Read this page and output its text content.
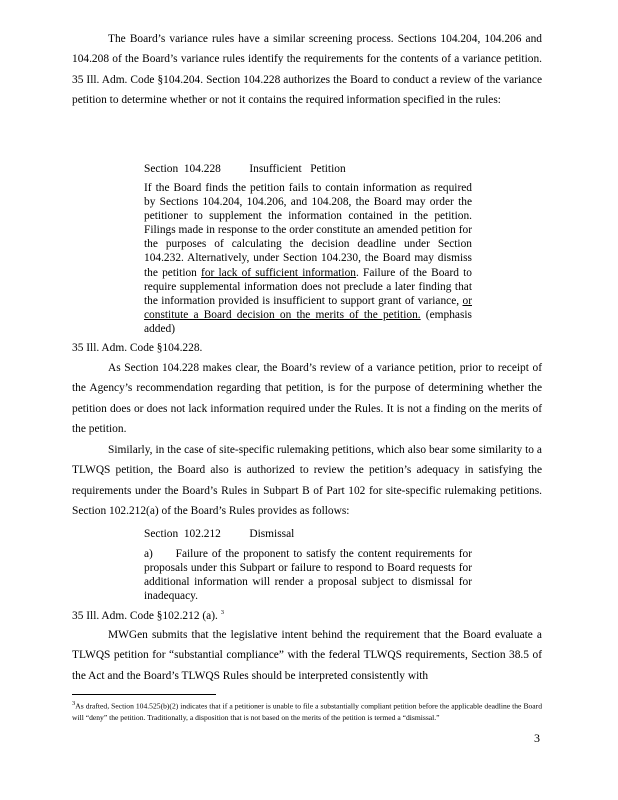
The Board’s variance rules have a similar screening process. Sections 104.204, 104.206 and 104.208 of the Board’s variance rules identify the requirements for the contents of a variance petition. 35 Ill. Adm. Code §104.204. Section 104.228 authorizes the Board to conduct a review of the variance petition to determine whether or not it contains the required information specified in the rules:

Section  104.228          Insufficient   Petition

If the Board finds the petition fails to contain information as required by Sections 104.204, 104.206, and 104.208, the Board may order the petitioner to supplement the information contained in the petition. Filings made in response to the order constitute an amended petition for the purposes of calculating the decision deadline under Section 104.232. Alternatively, under Section 104.230, the Board may dismiss the petition for lack of sufficient information. Failure of the Board to require supplemental information does not preclude a later finding that the information provided is insufficient to support grant of variance, or constitute a Board decision on the merits of the petition. (emphasis added)

35 Ill. Adm. Code §104.228.

As Section 104.228 makes clear, the Board’s review of a variance petition, prior to receipt of the Agency’s recommendation regarding that petition, is for the purpose of determining whether the petition does or does not lack information required under the Rules. It is not a finding on the merits of the petition.

Similarly, in the case of site-specific rulemaking petitions, which also bear some similarity to a TLWQS petition, the Board also is authorized to review the petition’s adequacy in satisfying the requirements under the Board’s Rules in Subpart B of Part 102 for site-specific rulemaking petitions. Section 102.212(a) of the Board’s Rules provides as follows:

Section  102.212          Dismissal

a)  Failure of the proponent to satisfy the content requirements for proposals under this Subpart or failure to respond to Board requests for additional information will render a proposal subject to dismissal for inadequacy.

35 Ill. Adm. Code §102.212 (a). $^3$

MWGen submits that the legislative intent behind the requirement that the Board evaluate a TLWQS petition for “substantial compliance” with the federal TLWQS requirements, Section 38.5 of the Act and the Board’s TLWQS Rules should be interpreted consistently with

$^3$As drafted, Section 104.525(b)(2) indicates that if a petitioner is unable to file a substantially compliant petition before the applicable deadline the Board will “deny” the petition. Traditionally, a disposition that is not based on the merits of the petition is termed a “dismissal.”

3
